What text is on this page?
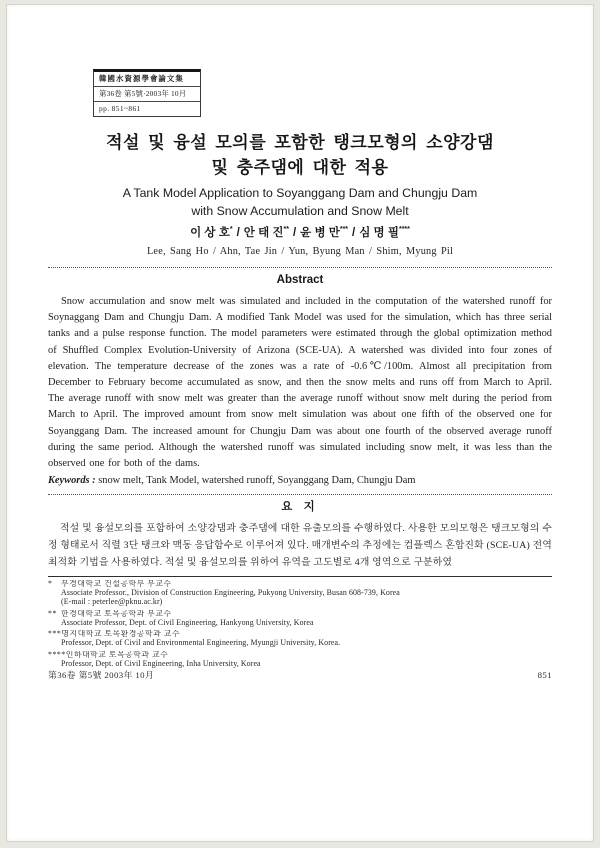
韓國水資源學會論文集
第36卷 第5號·2003年 10月
pp. 851~861
적설 및 융설 모의를 포함한 탱크모형의 소양강댐
및 충주댐에 대한 적용
A Tank Model Application to Soyanggang Dam and Chungju Dam
with Snow Accumulation and Snow Melt
이 상 호* / 안 태 진** / 윤 병 만*** / 심 명 필****
Lee, Sang Ho / Ahn, Tae Jin / Yun, Byung Man / Shim, Myung Pil
Abstract
Snow accumulation and snow melt was simulated and included in the computation of the watershed runoff for Soynaggang Dam and Chungju Dam. A modified Tank Model was used for the simulation, which has three serial tanks and a pulse response function. The model parameters were estimated through the global optimization method of Shuffled Complex Evolution-University of Arizona (SCE-UA). A watershed was divided into four zones of elevation. The temperature decrease of the zones was a rate of -0.6℃/100m. Almost all precipitation from December to February become accumulated as snow, and then the snow melts and runs off from March to April. The average runoff with snow melt was greater than the average runoff without snow melt during the period from March to April. The improved amount from snow melt simulation was about one fifth of the observed one for Soyanggang Dam. The increased amount for Chungju Dam was about one fourth of the observed average runoff during the same period. Although the watershed runoff was simulated including snow melt, it was less than the observed one for both of the dams.
Keywords : snow melt, Tank Model, watershed runoff, Soyanggang Dam, Chungju Dam
요 지
적설 및 융설모의를 포함하여 소양강댐과 충주댐에 대한 유출모의를 수행하였다. 사용한 모의모형은 탱크모형의 수정 형태로서 직렬 3단 탱크와 맥동 응답함수로 이루어져 있다. 매개변수의 추정에는 컴플렉스 혼합진화 (SCE-UA) 전역최적화 기법을 사용하였다. 적설 및 융설모의를 위하여 유역을 고도별로 4개 영역으로 구분하였
* 부경대학교 건설공학부 부교수
Associate Professor., Division of Construction Engineering, Pukyong University, Busan 608-739, Korea
(E-mail : peterlee@pknu.ac.kr)
** 한경대학교 토목공학과 부교수
Associate Professor, Dept. of Civil Engineering, Hankyong University, Korea
***명지대학교 토목환경공학과 교수
Professor, Dept. of Civil and Environmental Engineering, Myungji University, Korea.
****인하대학교 토목공학과 교수
Professor, Dept. of Civil Engineering, Inha University, Korea
第36卷 第5號 2003年 10月	851
